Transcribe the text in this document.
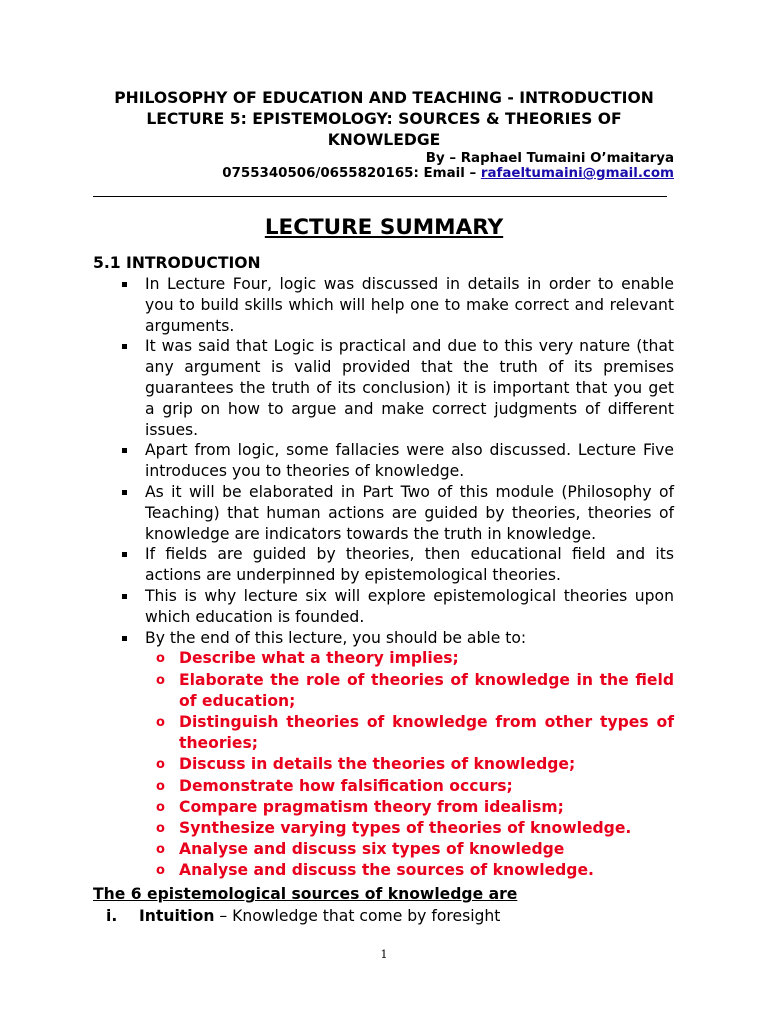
PHILOSOPHY OF EDUCATION AND TEACHING - INTRODUCTION
LECTURE 5: EPISTEMOLOGY: SOURCES & THEORIES OF
KNOWLEDGE
By – Raphael Tumaini O’maitarya
0755340506/0655820165: Email – rafaeltumaini@gmail.com
LECTURE SUMMARY
5.1 INTRODUCTION
In Lecture Four, logic was discussed in details in order to enable you to build skills which will help one to make correct and relevant arguments.
It was said that Logic is practical and due to this very nature (that any argument is valid provided that the truth of its premises guarantees the truth of its conclusion) it is important that you get a grip on how to argue and make correct judgments of different issues.
Apart from logic, some fallacies were also discussed. Lecture Five introduces you to theories of knowledge.
As it will be elaborated in Part Two of this module (Philosophy of Teaching) that human actions are guided by theories, theories of knowledge are indicators towards the truth in knowledge.
If fields are guided by theories, then educational field and its actions are underpinned by epistemological theories.
This is why lecture six will explore epistemological theories upon which education is founded.
By the end of this lecture, you should be able to:
o Describe what a theory implies;
o Elaborate the role of theories of knowledge in the field of education;
o Distinguish theories of knowledge from other types of theories;
o Discuss in details the theories of knowledge;
o Demonstrate how falsification occurs;
o Compare pragmatism theory from idealism;
o Synthesize varying types of theories of knowledge.
o Analyse and discuss six types of knowledge
o Analyse and discuss the sources of knowledge.
The 6 epistemological sources of knowledge are
i. Intuition – Knowledge that come by foresight
1
